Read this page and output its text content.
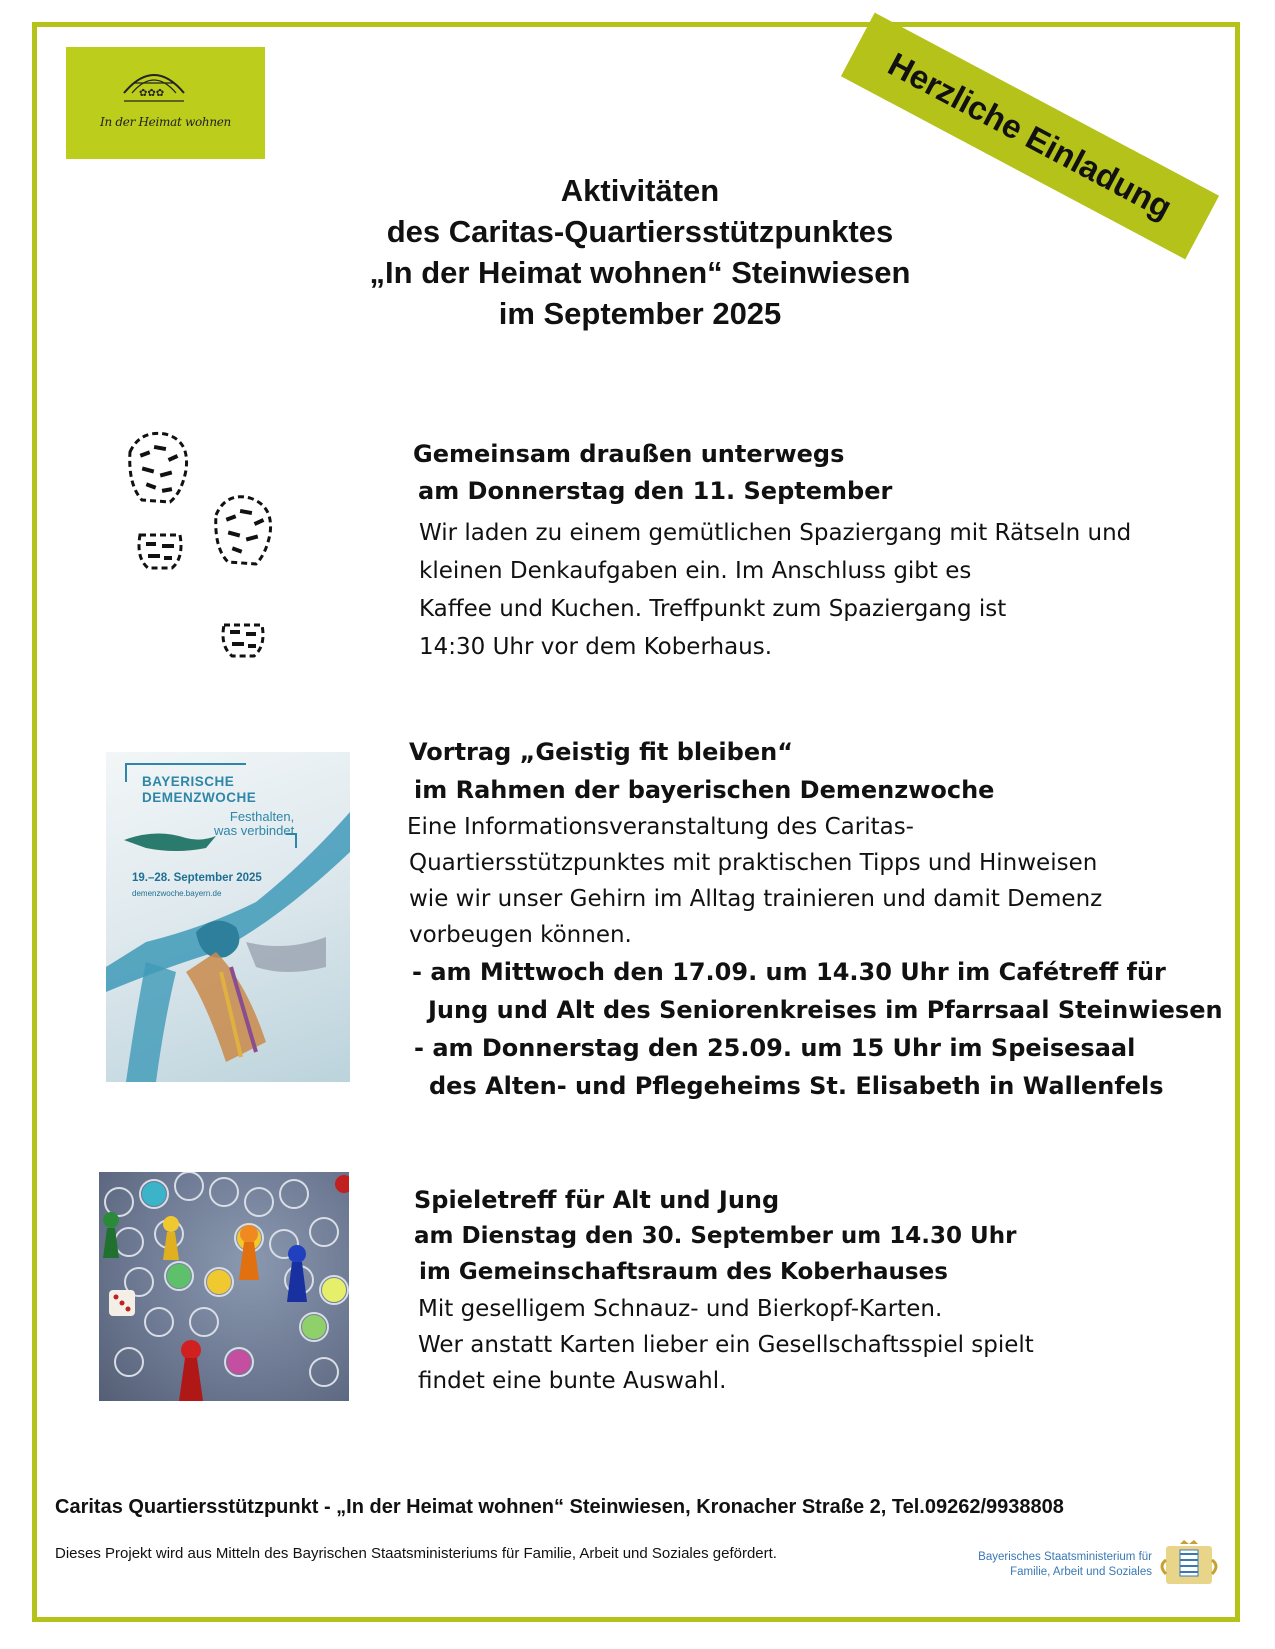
✿✿✿
In der Heimat wohnen	Herzliche Einladung
Aktivitäten
des Caritas-Quartiersstützpunktes
„In der Heimat wohnen“ Steinwiesen
im September 2025
Gemeinsam draußen unterwegs
am Donnerstag den 11. September
Wir laden zu einem gemütlichen Spaziergang mit Rätseln und
kleinen Denkaufgaben ein. Im Anschluss gibt es
Kaffee und Kuchen. Treffpunkt zum Spaziergang ist
14:30 Uhr vor dem Koberhaus.
BAYERISCHE
DEMENZWOCHE
Festhalten,
was verbindet
19.–28. September 2025
demenzwoche.bayern.de
Vortrag „Geistig fit bleiben“
im Rahmen der bayerischen Demenzwoche
Eine Informationsveranstaltung des Caritas-
Quartiersstützpunktes mit praktischen Tipps und Hinweisen
wie wir unser Gehirn im Alltag trainieren und damit Demenz
vorbeugen können.
- am Mittwoch den 17.09. um 14.30 Uhr im Cafétreff für
Jung und Alt des Seniorenkreises im Pfarrsaal Steinwiesen
- am Donnerstag den 25.09. um 15 Uhr im Speisesaal
des Alten- und Pflegeheims St. Elisabeth in Wallenfels
Spieletreff für Alt und Jung
am Dienstag den 30. September um 14.30 Uhr
im Gemeinschaftsraum des Koberhauses
Mit geselligem Schnauz- und Bierkopf-Karten.
Wer anstatt Karten lieber ein Gesellschaftsspiel spielt
findet eine bunte Auswahl.
Caritas Quartiersstützpunkt - „In der Heimat wohnen“ Steinwiesen, Kronacher Straße 2, Tel.09262/9938808
Dieses Projekt wird aus Mitteln des Bayrischen Staatsministeriums für Familie, Arbeit und Soziales gefördert.	Bayerisches Staatsministerium für
Familie, Arbeit und Soziales
